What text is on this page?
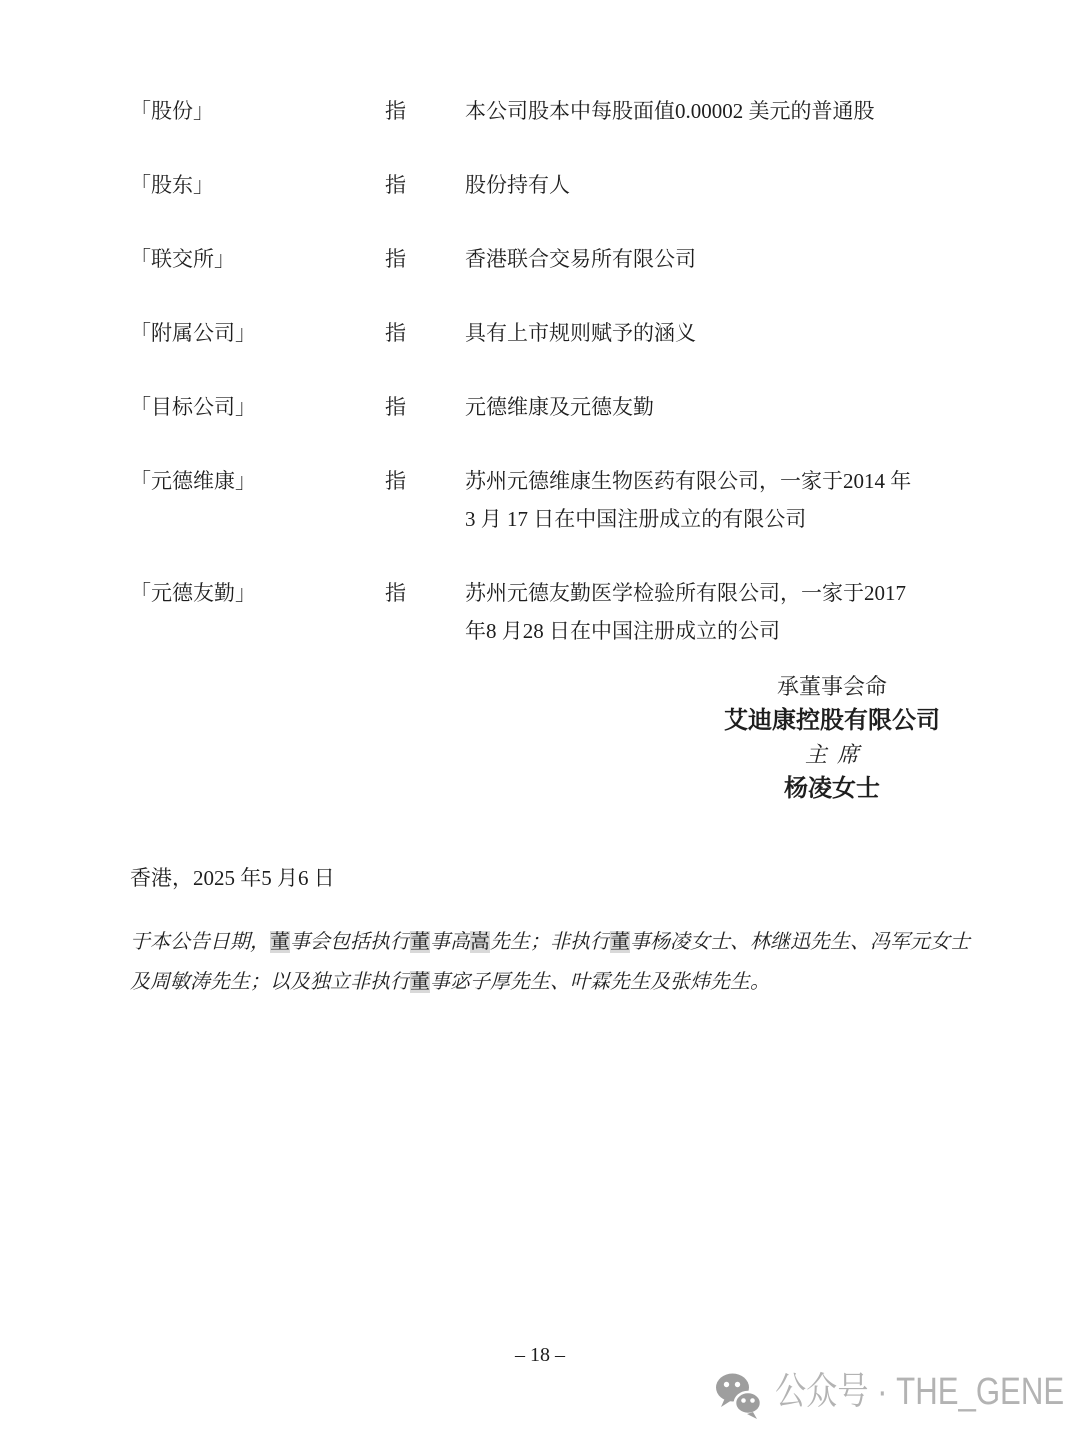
「股份」	指	本公司股本中每股面值0.00002 美元的普通股
「股东」	指	股份持有人
「联交所」	指	香港联合交易所有限公司
「附属公司」	指	具有上市规则赋予的涵义
「目标公司」	指	元德维康及元德友勤
「元德维康」	指	苏州元德维康生物医药有限公司，一家于2014 年
3 月 17 日在中国注册成立的有限公司
「元德友勤」	指	苏州元德友勤医学检验所有限公司，一家于2017
年8 月28 日在中国注册成立的公司
承董事会命
艾迪康控股有限公司
主席
杨凌女士
香港，2025 年5 月6 日
于本公告日期，董事会包括执行董事高嵩先生；非执行董事杨凌女士、林继迅先生、冯军元女士及周敏涛先生；以及独立非执行董事宓子厚先生、叶霖先生及张炜先生。
– 18 –
公众号 · THE_GENE
